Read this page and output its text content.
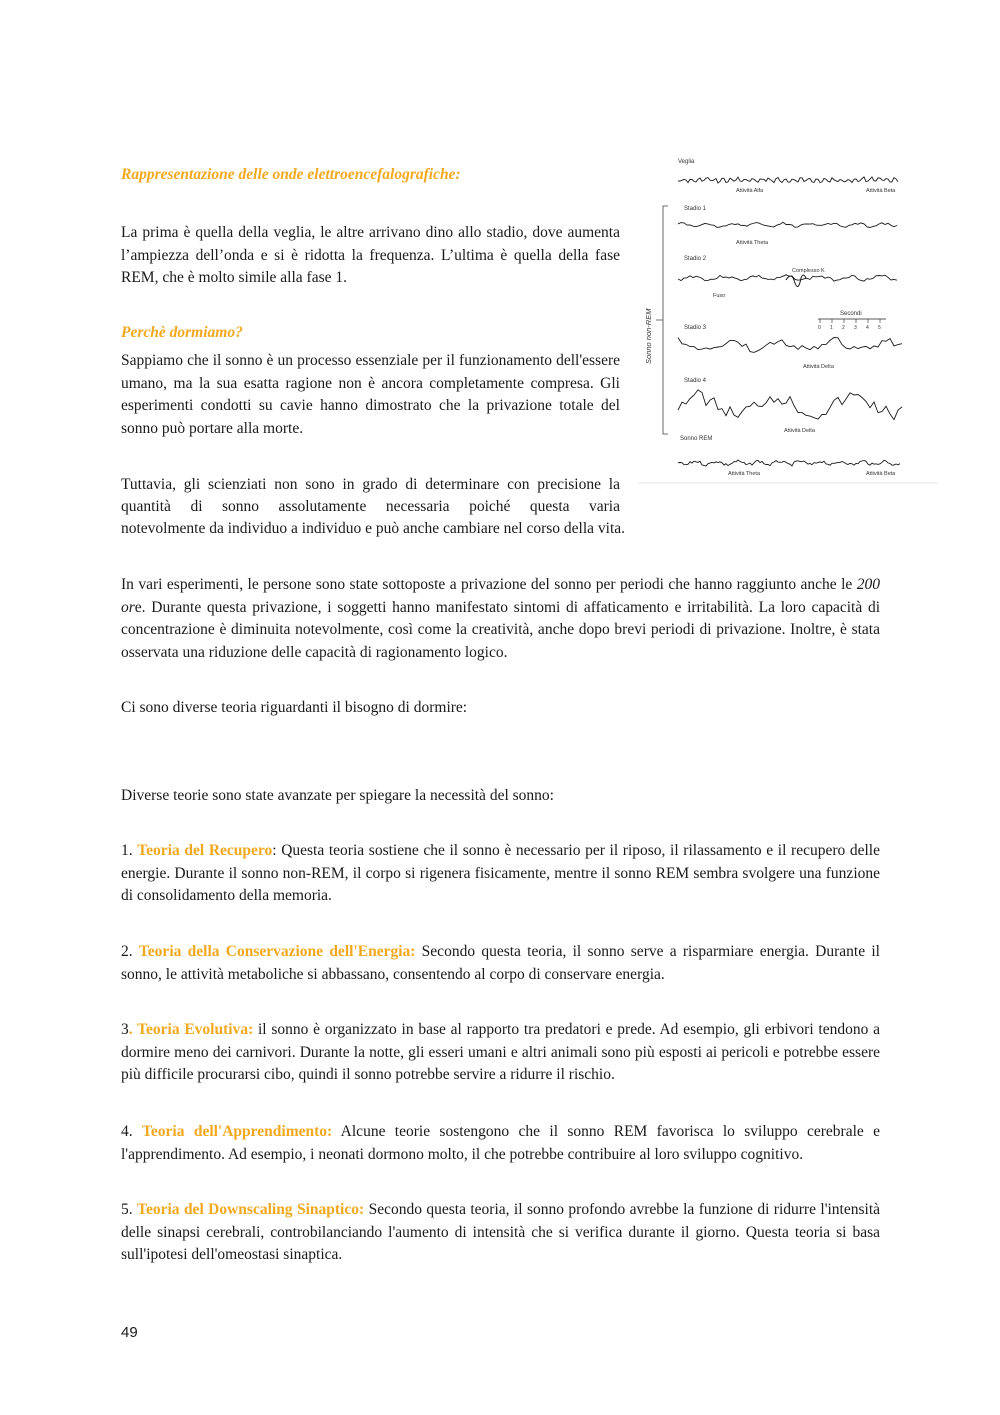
Rappresentazione delle onde elettroencefalografiche:

La prima è quella della veglia, le altre arrivano dino allo stadio, dove aumenta l’ampiezza dell’onda e si è ridotta la frequenza. L’ultima è quella della fase REM, che è molto simile alla fase 1.

Perchè dormiamo?

Sappiamo che il sonno è un processo essenziale per il funzionamento dell'essere umano, ma la sua esatta ragione non è ancora completamente compresa. Gli esperimenti condotti su cavie hanno dimostrato che la privazione totale del sonno può portare alla morte.

Tuttavia, gli scienziati non sono in grado di determinare con precisione la

quantità di sonno assolutamente necessaria poiché questa varia

notevolmente da individuo a individuo e può anche cambiare nel corso della vita.

In vari esperimenti, le persone sono state sottoposte a privazione del sonno per periodi che hanno raggiunto anche le 200 ore. Durante questa privazione, i soggetti hanno manifestato sintomi di affaticamento e irritabilità. La loro capacità di concentrazione è diminuita notevolmente, così come la creatività, anche dopo brevi periodi di privazione. Inoltre, è stata osservata una riduzione delle capacità di ragionamento logico.

Ci sono diverse teoria riguardanti il bisogno di dormire:

Diverse teorie sono state avanzate per spiegare la necessità del sonno:

1. Teoria del Recupero: Questa teoria sostiene che il sonno è necessario per il riposo, il rilassamento e il recupero delle energie. Durante il sonno non-REM, il corpo si rigenera fisicamente, mentre il sonno REM sembra svolgere una funzione di consolidamento della memoria.

2. Teoria della Conservazione dell'Energia: Secondo questa teoria, il sonno serve a risparmiare energia. Durante il sonno, le attività metaboliche si abbassano, consentendo al corpo di conservare energia.

3. Teoria Evolutiva: il sonno è organizzato in base al rapporto tra predatori e prede. Ad esempio, gli erbivori tendono a dormire meno dei carnivori. Durante la notte, gli esseri umani e altri animali sono più esposti ai pericoli e potrebbe essere più difficile procurarsi cibo, quindi il sonno potrebbe servire a ridurre il rischio.

4. Teoria dell'Apprendimento: Alcune teorie sostengono che il sonno REM favorisca lo sviluppo cerebrale e l'apprendimento. Ad esempio, i neonati dormono molto, il che potrebbe contribuire al loro sviluppo cognitivo.

5. Teoria del Downscaling Sinaptico: Secondo questa teoria, il sonno profondo avrebbe la funzione di ridurre l'intensità delle sinapsi cerebrali, controbilanciando l'aumento di intensità che si verifica durante il giorno. Questa teoria si basa sull'ipotesi dell'omeostasi sinaptica.

49
Veglia
Attività Alfa	Attività Beta
Stadio 1
Attività Theta
Stadio 2
Complesso K
Fuso
Secondi
0 1 2 3 4 5
Stadio 3
Attività Delta
Stadio 4
Attività Delta
Sonno REM
Attività Theta	Attività Beta
Sonno non-REM
